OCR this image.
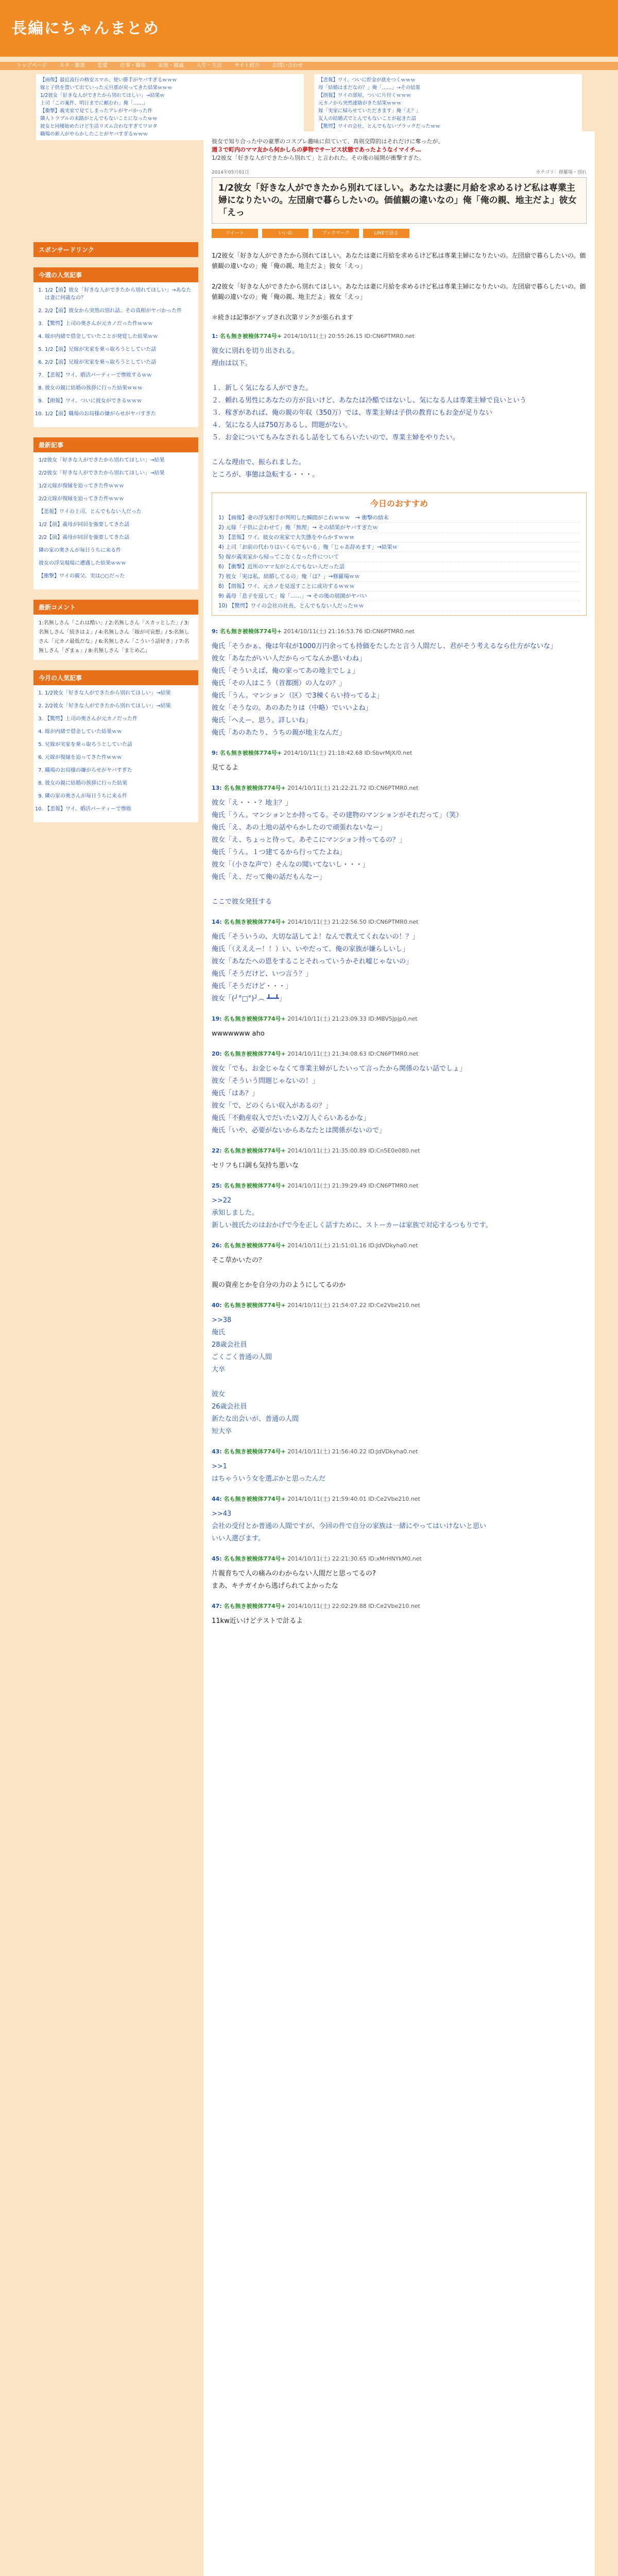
長編にちゃんまとめ
トップページ ネタ・雑談 恋愛 仕事・職場 家族・親戚 人生・生活 サイト紹介 お問い合わせ
【画像】最近流行の格安スマホ、使い勝手がヤバすぎるｗｗｗ
嫁と子供を置いて出ていった元旦那が戻ってきた結果ｗｗｗ
1/2彼女「好きな人ができたから別れてほしい」→結果ｗ
上司「この案件、明日までに頼むわ」俺「……」
【衝撃】義実家で見てしまったアレがヤバかった件
隣人トラブルの末路がとんでもないことになったｗｗ
彼女と同棲始めたけど生活リズム合わなすぎてワロタ
職場の新人がやらかしたことがヤバすぎるｗｗｗ
【悲報】ワイ、ついに貯金が底をつくｗｗｗ
母「結婚はまだなの？」俺「……」→その結果
【朗報】ワイの部屋、ついに片付くｗｗｗ
元カノから突然連絡がきた結果ｗｗｗ
嫁「実家に帰らせていただきます」俺「え？」
友人の結婚式でとんでもないことが起きた話
【驚愕】ワイの会社、とんでもないブラックだったｗｗ
スポンサードリンク
今週の人気記事
1. 1/2【前】彼女「好きな人ができたから別れてほしい」→あなたは妻に何歳なの？
2. 2/2【前】彼女から突然の別れ話、その真相がヤバかった件
3. 【驚愕】上司の奥さんが元カノだった件ｗｗｗ
4. 嫁が内緒で借金していたことが発覚した結果ｗｗ
5. 1/2【前】兄嫁が実家を乗っ取ろうとしていた話
6. 2/2【前】兄嫁が実家を乗っ取ろうとしていた話
7. 【悲報】ワイ、婚活パーティーで惨敗するｗｗ
8. 彼女の親に結婚の挨拶に行った結果ｗｗｗ
9. 【朗報】ワイ、ついに彼女ができるｗｗｗ
10. 1/2【前】職場のお局様の嫌がらせがヤバすぎた
最新記事
1/2彼女「好きな人ができたから別れてほしい」→結果
2/2彼女「好きな人ができたから別れてほしい」→結果
1/2元嫁が復縁を迫ってきた件ｗｗｗ
2/2元嫁が復縁を迫ってきた件ｗｗｗ
【悲報】ワイの上司、とんでもない人だった
1/2【前】義母が同居を強要してきた話
2/2【前】義母が同居を強要してきた話
隣の家の奥さんが毎日うちに来る件
彼女の浮気現場に遭遇した結果ｗｗｗ
【衝撃】ワイの親父、実は○○だった
最新コメント
1:名無しさん「これは酷い」/ 2:名無しさん「スカッとした」/ 3:名無しさん「続きはよ」/ 4:名無しさん「嫁が可哀想」/ 5:名無しさん「元カノ最低だな」/ 6:名無しさん「こういう話好き」/ 7:名無しさん「ざまぁ」/ 8:名無しさん「まとめ乙」
今月の人気記事
1. 1/2彼女「好きな人ができたから別れてほしい」→結果
2. 2/2彼女「好きな人ができたから別れてほしい」→結果
3. 【驚愕】上司の奥さんが元カノだった件
4. 嫁が内緒で借金していた結果ｗｗ
5. 兄嫁が実家を乗っ取ろうとしていた話
6. 元嫁が復縁を迫ってきた件ｗｗｗ
7. 職場のお局様の嫌がらせがヤバすぎた
8. 彼女の親に結婚の挨拶に行った結果
9. 隣の家の奥さんが毎日うちに来る件
10. 【悲報】ワイ、婚活パーティーで惨敗
彼女で知り合った中の豪華のコスプレ趣味に似ていて、真剣交際的はそれだけに奪ったが、
週３で町内のママ友から何かしらの夢物でサービス状態であったようなイマイチ…
1/2彼女「好きな人ができたから別れて」と言われた。その後の展開が衝撃すぎた。
2014年05月01日	カテゴリ：修羅場・別れ
1/2彼女「好きな人ができたから別れてほしい。あなたは妻に月給を求めるけど私は専業主婦になりたいの。左団扇で暮らしたいの。価値観の違いなの」俺「俺の親、地主だよ」彼女「えっ
ツイート	いいね	ブックマーク	LINEで送る
1/2彼女「好きな人ができたから別れてほしい。あなたは妻に月給を求めるけど私は専業主婦になりたいの。左団扇で暮らしたいの。価値観の違いなの」俺「俺の親、地主だよ」彼女「えっ」

2/2彼女「好きな人ができたから別れてほしい。あなたは妻に月給を求めるけど私は専業主婦になりたいの。左団扇で暮らしたいの。価値観の違いなの」俺「俺の親、地主だよ」彼女「えっ」

＊続きは記事がアップされ次第リンクが張られます
1: 名も無き被検体774号+ 2014/10/11(土) 20:55:26.15 ID:CN6PTMR0.net
彼女に別れを切り出される。
理由は以下。

１．新しく気になる人ができた。
２．頼れる男性にあなたの方が良いけど、あなたは冷酷ではないし、気になる人は専業主婦で良いという
３．稼ぎがあれば、俺の親の年収（350万）では、専業主婦は子供の教育にもお金が足りない
４．気になる人は750万あるし、問題がない。
５．お金についてもみなされるし話をしてもらいたいので、専業主婦をやりたい。

こんな理由で、振られました。
ところが、事態は急転する・・・。
今日のおすすめ
1) 【画像】妻の浮気相手が判明した瞬間がこれｗｗｗ　→ 衝撃の結末
2) 元嫁「子供に会わせて」俺「無理」→ その結果がヤバすぎたｗ
3) 【悲報】ワイ、彼女の実家で大失態をやらかすｗｗｗ
4) 上司「お前の代わりはいくらでもいる」俺「じゃあ辞めます」→結果ｗ
5) 嫁が義実家から帰ってこなくなった件について
6) 【衝撃】近所のママ友がとんでもない人だった話
7) 彼女「実は私、結婚してるの」俺「は？」→修羅場ｗｗ
8) 【朗報】ワイ、元カノを見返すことに成功するｗｗｗ
9) 義母「息子を返して」嫁「……」→ その後の展開がヤバい
10) 【驚愕】ワイの会社の社長、とんでもない人だったｗｗ
9: 名も無き被検体774号+ 2014/10/11(土) 21:16:53.76 ID:CN6PTMR0.net
俺氏「そうかぁ、俺は年収が1000万円余っても持価をたしたと言う人間だし、君がそう考えるなら仕方がないな」
彼女「あなたがいい人だからってなんか悪いわね」
俺氏「そういえば、俺の家ってあの地主でしょ」
俺氏「その人はこう（首都圏）の人なの？」
俺氏「うん。マンション（区）で3棟くらい持ってるよ」
彼女「そうなの。あのあたりは（中略）でいいよね」
俺氏「へえー、思う。詳しいね」
俺氏「あのあたり、うちの親が地主なんだ」
9: 名も無き被検体774号+ 2014/10/11(土) 21:18:42.68 ID:SbvrMjX/0.net
見てるよ
13: 名も無き被検体774号+ 2014/10/11(土) 21:22:21.72 ID:CN6PTMR0.net
彼女「え・・・？地主？」
俺氏「うん。マンションとか持ってる。その建物のマンションがそれだって」（笑）
俺氏「え、あの土地の話やらかしたので頑張れないなー」
彼女「え、ちょっと待って。あそこにマンション持ってるの？」
俺氏「うん。１つ建てるから行ってたよね」
彼女「（小さな声で）そんなの聞いてないし・・・」
俺氏「え、だって俺の話だもんなー」

ここで彼女発狂する
14: 名も無き被検体774号+ 2014/10/11(土) 21:22:56.50 ID:CN6PTMR0.net
俺氏「そういうの、大切な話してよ！なんで教えてくれないの！？」
俺氏「（えええー！！）い、いやだって、俺の家族が嫌らしいし」
彼女「あなたへの恩をすることそれっていうかそれ嘘じゃないの」
俺氏「そうだけど、いつ言う？」
俺氏「そうだけど・・・」
彼女「(╯°□°)╯︵ ┻━┻」
19: 名も無き被検体774号+ 2014/10/11(土) 21:23:09.33 ID:MBV5Jpjp0.net
wwwwwww aho
20: 名も無き被検体774号+ 2014/10/11(土) 21:34:08.63 ID:CN6PTMR0.net
彼女「でも、お金じゃなくて専業主婦がしたいって言ったから関係のない話でしょ」
彼女「そういう問題じゃないの！」
俺氏「はあ？」
彼女「で、どのくらい収入があるの？」
俺氏「不動産収入でだいたい2万人ぐらいあるかな」
俺氏「いや、必要がないからあなたとは関係がないので」
22: 名も無き被検体774号+ 2014/10/11(土) 21:35:00.89 ID:Cn5E0e080.net
セリフも口調も気持ち悪いな
25: 名も無き被検体774号+ 2014/10/11(土) 21:39:29.49 ID:CN6PTMR0.net
>>22
承知しました。
新しい彼氏たのはおかげで今を正しく話すために、ストーカーは家族で対応するつもりです。
26: 名も無き被検体774号+ 2014/10/11(土) 21:51:01.16 ID:JdVDkyha0.net
そこ草かいたの？

親の資産とかを自分の力のようにしてるのか
40: 名も無き被検体774号+ 2014/10/11(土) 21:54:07.22 ID:Ce2Vbe210.net
>>38
俺氏
28歳会社員
ごくごく普通の人間
大卒

彼女
26歳会社員
新たな出会いが、普通の人間
短大卒
43: 名も無き被検体774号+ 2014/10/11(土) 21:56:40.22 ID:JdVDkyha0.net
>>1
はちゃういう女を選ぶかと思ったんだ
44: 名も無き被検体774号+ 2014/10/11(土) 21:59:40.01 ID:Ce2Vbe210.net
>>43
会社の受付とか普通の人間ですが、今回の件で自分の家族は一緒にやってはいけないと思い
いい人選びます。
45: 名も無き被検体774号+ 2014/10/11(土) 22:21:30.65 ID:xMrHNYkM0.net
片親育ちで人の痛みのわからない人間だと思ってるの?
まあ、キチガイから逃げられてよかったな
47: 名も無き被検体774号+ 2014/10/11(土) 22:02:29.88 ID:Ce2Vbe210.net
11kw近いけどテストで計るよ
